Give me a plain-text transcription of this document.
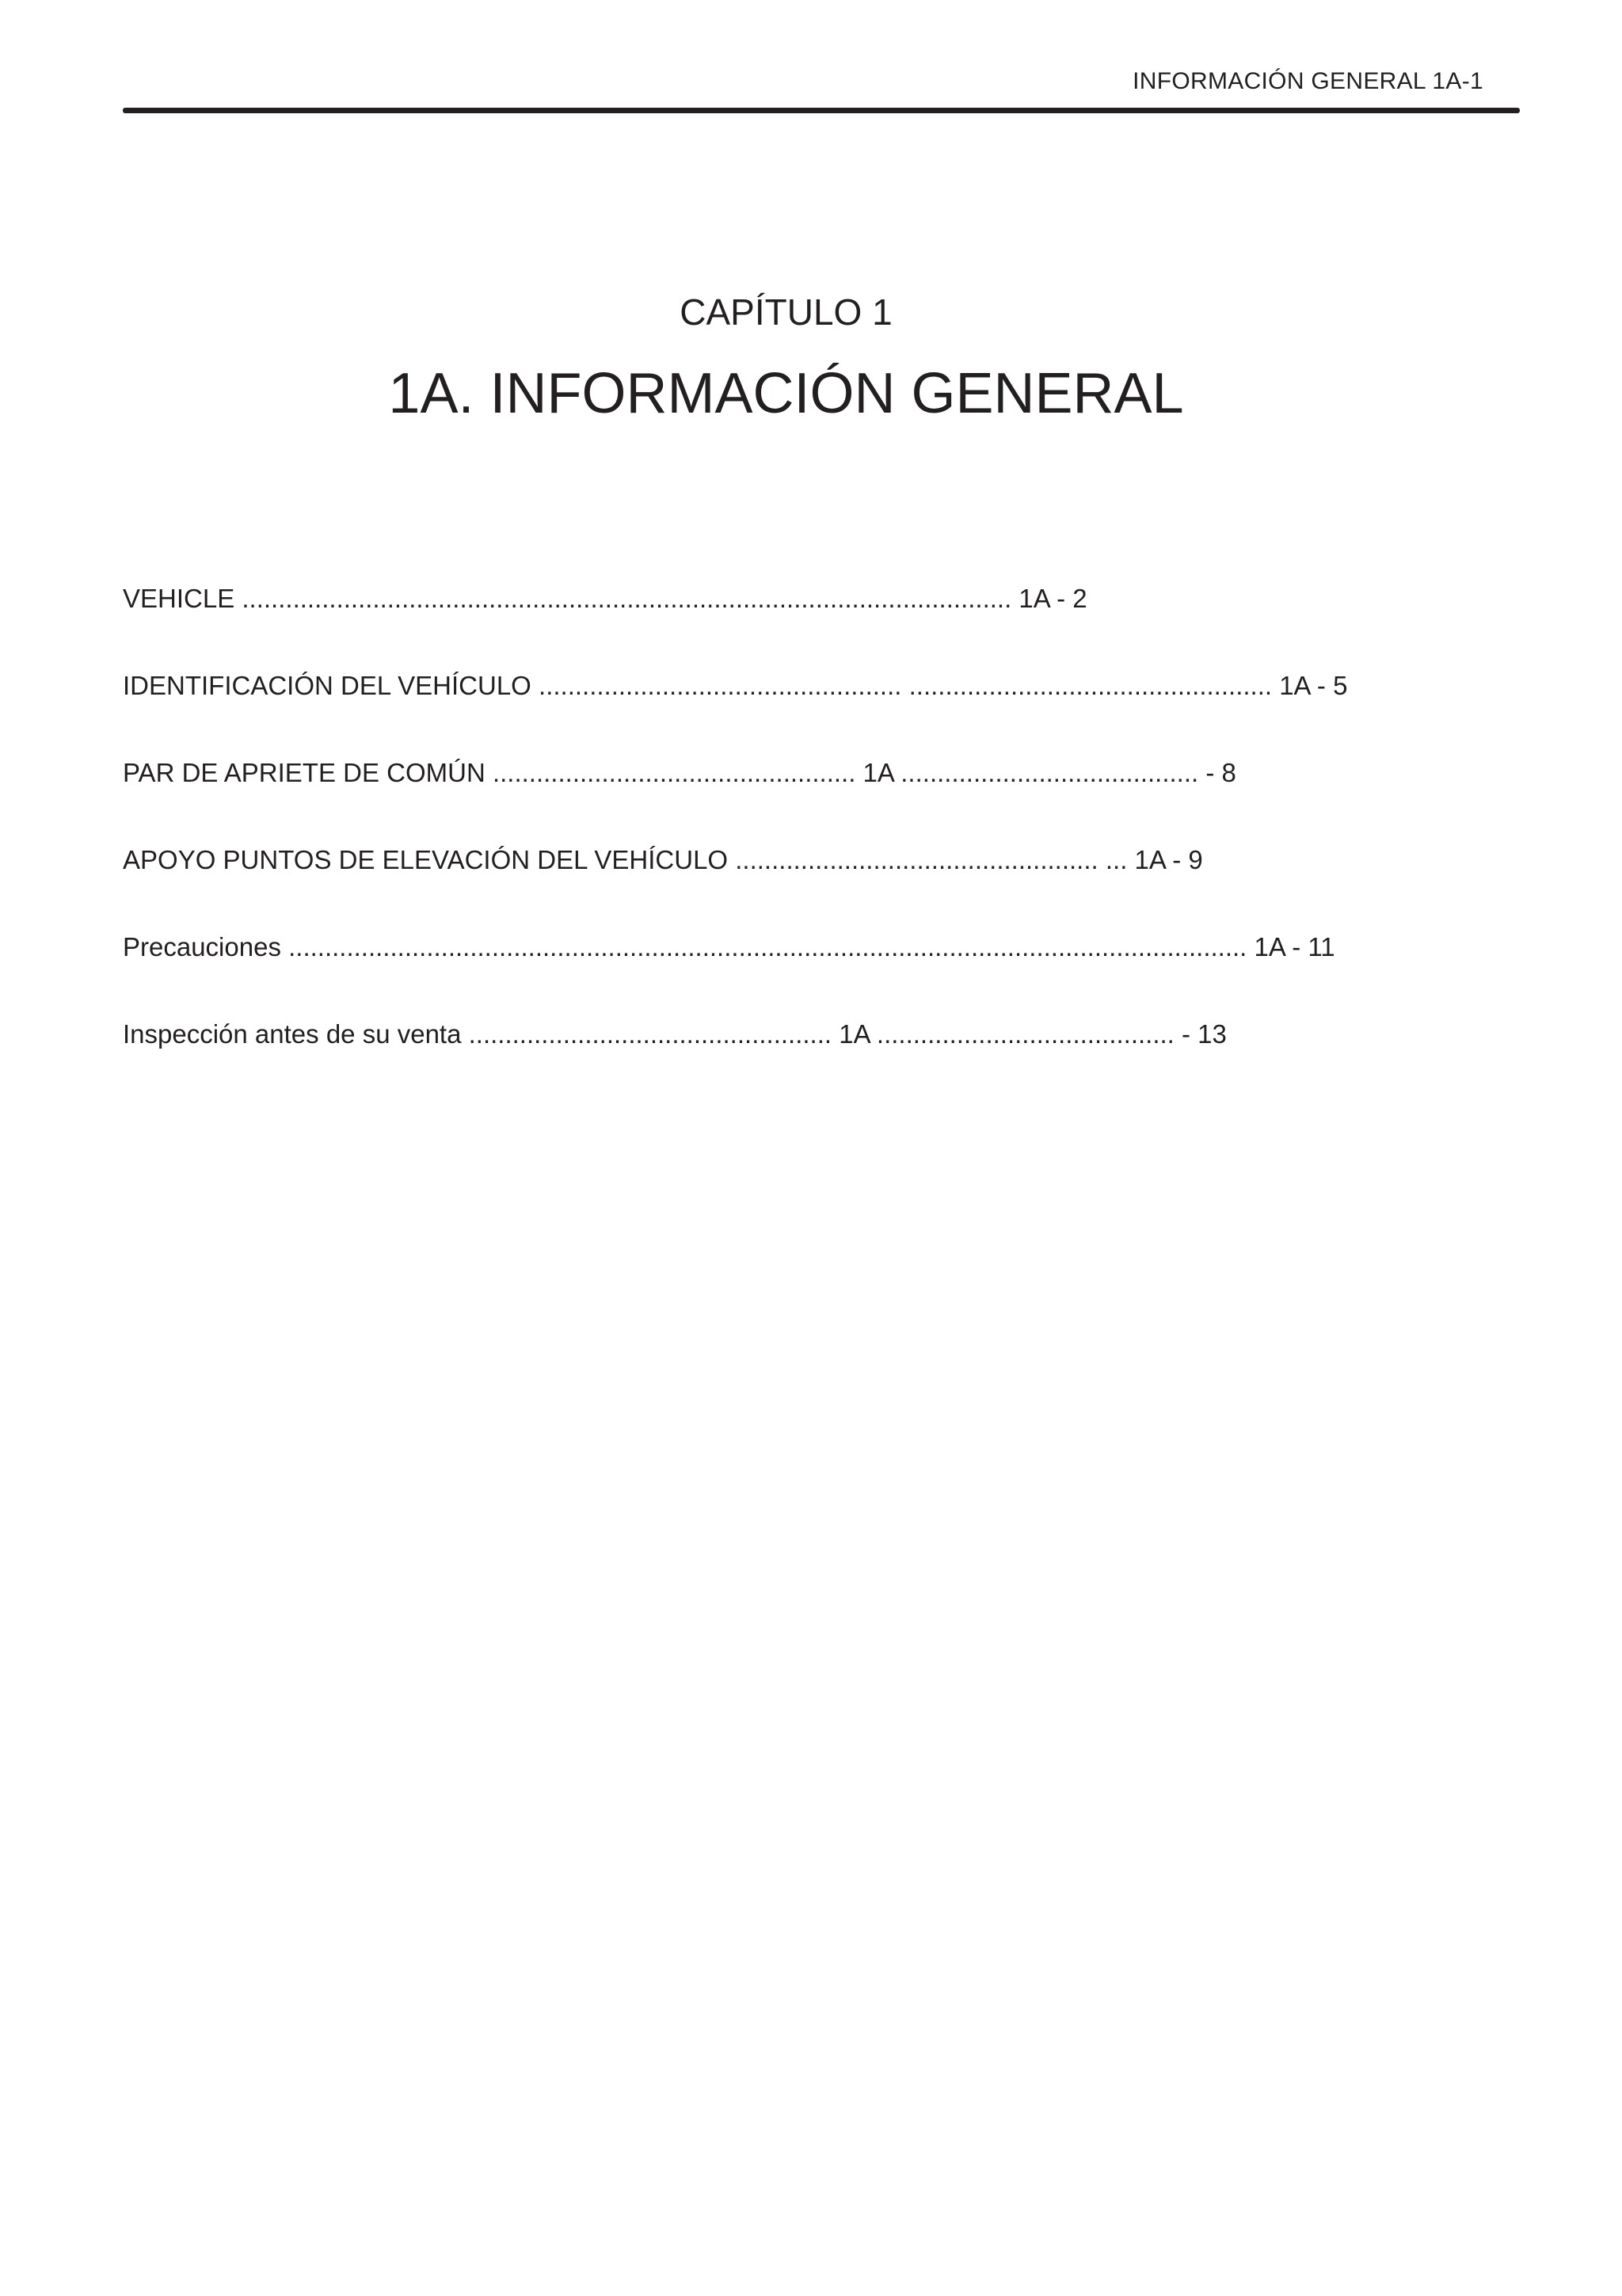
INFORMACIÓN GENERAL 1A-1
CAPÍTULO 1
1A. INFORMACIÓN GENERAL
VEHICLE .......................................................................................................... 1A - 2
IDENTIFICACIÓN DEL VEHÍCULO .................................................. .................................................. 1A - 5
PAR DE APRIETE DE COMÚN .................................................. 1A ......................................... - 8
APOYO PUNTOS DE ELEVACIÓN DEL VEHÍCULO .................................................. ... 1A - 9
Precauciones .................................................................................................................................... 1A - 11
Inspección antes de su venta .................................................. 1A ......................................... - 13
